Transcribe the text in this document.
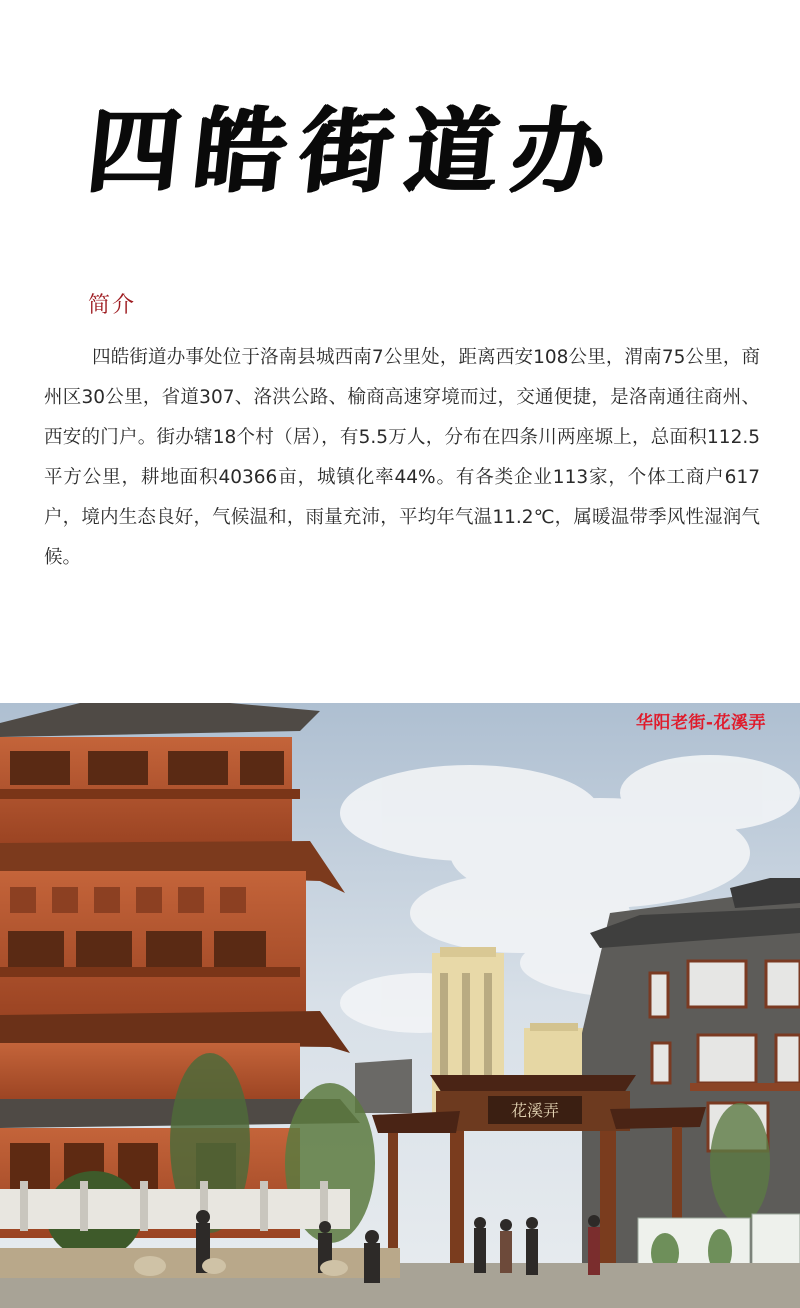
四皓街道办
简介

四皓街道办事处位于洛南县城西南7公里处，距离西安108公里，渭南75公里，商州区30公里，省道307、洛洪公路、榆商高速穿境而过，交通便捷，是洛南通往商州、西安的门户。街办辖18个村（居），有5.5万人，分布在四条川两座塬上，总面积112.5平方公里，耕地面积40366亩，城镇化率44%。有各类企业113家，个体工商户617户，境内生态良好，气候温和，雨量充沛，平均年气温11.2℃，属暖温带季风性湿润气候。

花溪弄
华阳老街-花溪弄
